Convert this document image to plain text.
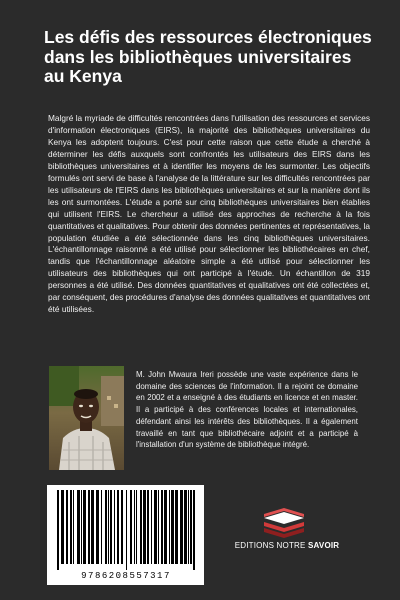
Les défis des ressources électroniques dans les bibliothèques universitaires au Kenya

Malgré la myriade de difficultés rencontrées dans l'utilisation des ressources et services d'information électroniques (EIRS), la majorité des bibliothèques universitaires du Kenya les adoptent toujours. C'est pour cette raison que cette étude a cherché à déterminer les défis auxquels sont confrontés les utilisateurs des EIRS dans les bibliothèques universitaires et à identifier les moyens de les surmonter. Les objectifs formulés ont servi de base à l'analyse de la littérature sur les difficultés rencontrées par les utilisateurs de l'EIRS dans les bibliothèques universitaires et sur la manière dont ils les ont surmontées. L'étude a porté sur cinq bibliothèques universitaires bien établies qui utilisent l'EIRS. Le chercheur a utilisé des approches de recherche à la fois quantitatives et qualitatives. Pour obtenir des données pertinentes et représentatives, la population étudiée a été sélectionnée dans les cinq bibliothèques universitaires. L'échantillonnage raisonné a été utilisé pour sélectionner les bibliothécaires en chef, tandis que l'échantillonnage aléatoire simple a été utilisé pour sélectionner les utilisateurs des bibliothèques qui ont participé à l'étude. Un échantillon de 319 personnes a été utilisé. Des données quantitatives et qualitatives ont été collectées et, par conséquent, des procédures d'analyse des données qualitatives et quantitatives ont été utilisées.

M. John Mwaura Ireri possède une vaste expérience dans le domaine des sciences de l'information. Il a rejoint ce domaine en 2002 et a enseigné à des étudiants en licence et en master. Il a participé à des conférences locales et internationales, défendant ainsi les intérêts des bibliothèques. Il a également travaillé en tant que bibliothécaire adjoint et a participé à l'installation d'un système de bibliothèque intégré.

9786208557317
EDITIONS NOTRE SAVOIR
